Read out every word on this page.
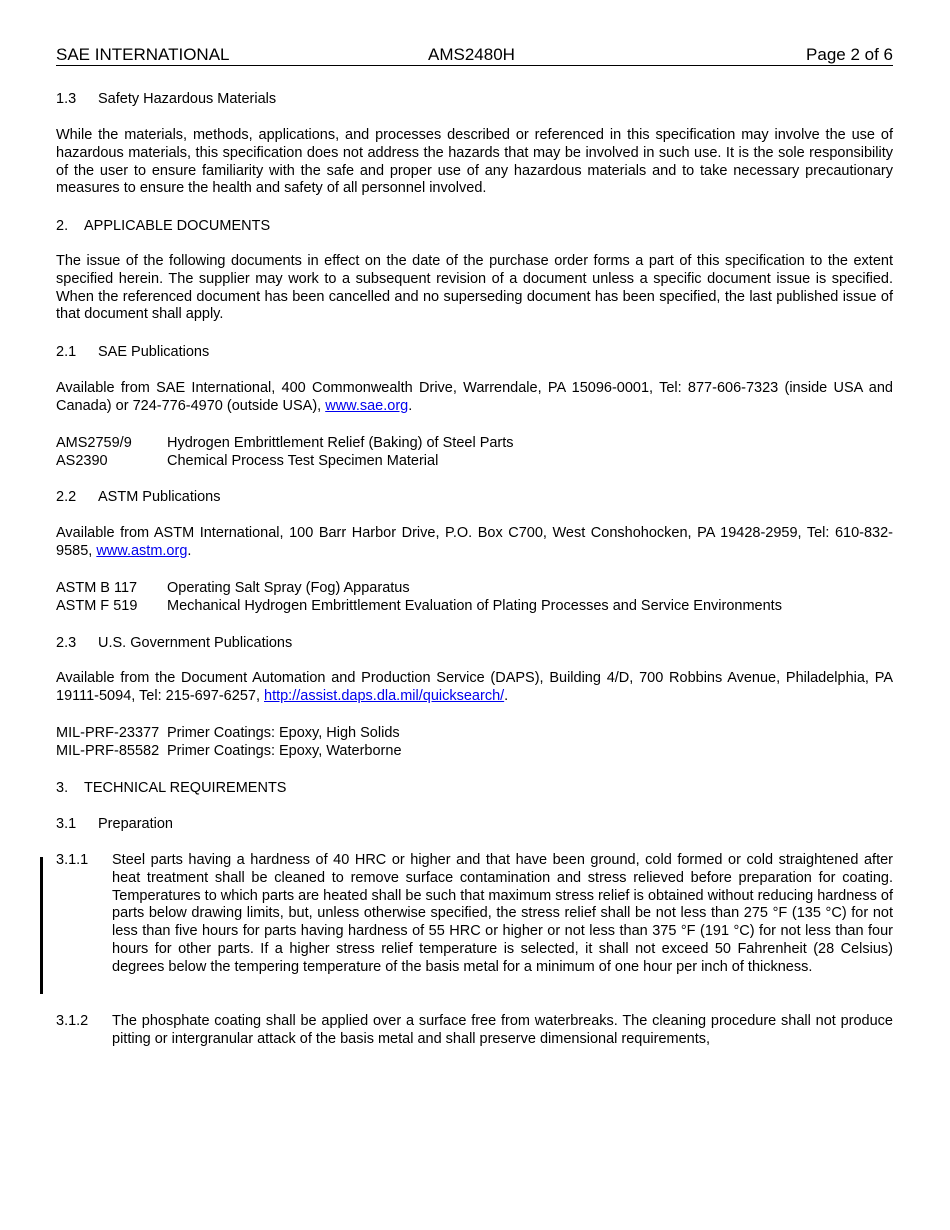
SAE INTERNATIONAL	AMS2480H	Page 2 of 6
1.3 Safety Hazardous Materials

While the materials, methods, applications, and processes described or referenced in this specification may involve the use of hazardous materials, this specification does not address the hazards that may be involved in such use. It is the sole responsibility of the user to ensure familiarity with the safe and proper use of any hazardous materials and to take necessary precautionary measures to ensure the health and safety of all personnel involved.

2. APPLICABLE DOCUMENTS

The issue of the following documents in effect on the date of the purchase order forms a part of this specification to the extent specified herein. The supplier may work to a subsequent revision of a document unless a specific document issue is specified. When the referenced document has been cancelled and no superseding document has been specified, the last published issue of that document shall apply.

2.1 SAE Publications

Available from SAE International, 400 Commonwealth Drive, Warrendale, PA 15096-0001, Tel: 877-606-7323 (inside USA and Canada) or 724-776-4970 (outside USA), www.sae.org.

AMS2759/9 Hydrogen Embrittlement Relief (Baking) of Steel Parts
AS2390	Chemical Process Test Specimen Material
2.2 ASTM Publications

Available from ASTM International, 100 Barr Harbor Drive, P.O. Box C700, West Conshohocken, PA 19428-2959, Tel: 610-832-9585, www.astm.org.

ASTM B 117 Operating Salt Spray (Fog) Apparatus
ASTM F 519 Mechanical Hydrogen Embrittlement Evaluation of Plating Processes and Service Environments
2.3 U.S. Government Publications

Available from the Document Automation and Production Service (DAPS), Building 4/D, 700 Robbins Avenue, Philadelphia, PA 19111-5094, Tel: 215-697-6257, http://assist.daps.dla.mil/quicksearch/.

MIL-PRF-23377 Primer Coatings: Epoxy, High Solids
MIL-PRF-85582 Primer Coatings: Epoxy, Waterborne
3. TECHNICAL REQUIREMENTS
3.1 Preparation
3.1.1 Steel parts having a hardness of 40 HRC or higher and that have been ground, cold formed or cold straightened after heat treatment shall be cleaned to remove surface contamination and stress relieved before preparation for coating. Temperatures to which parts are heated shall be such that maximum stress relief is obtained without reducing hardness of parts below drawing limits, but, unless otherwise specified, the stress relief shall be not less than 275 °F (135 °C) for not less than five hours for parts having hardness of 55 HRC or higher or not less than 375 °F (191 °C) for not less than four hours for other parts. If a higher stress relief temperature is selected, it shall not exceed 50 Fahrenheit (28 Celsius) degrees below the tempering temperature of the basis metal for a minimum of one hour per inch of thickness.
3.1.2 The phosphate coating shall be applied over a surface free from waterbreaks. The cleaning procedure shall not produce pitting or intergranular attack of the basis metal and shall preserve dimensional requirements,
